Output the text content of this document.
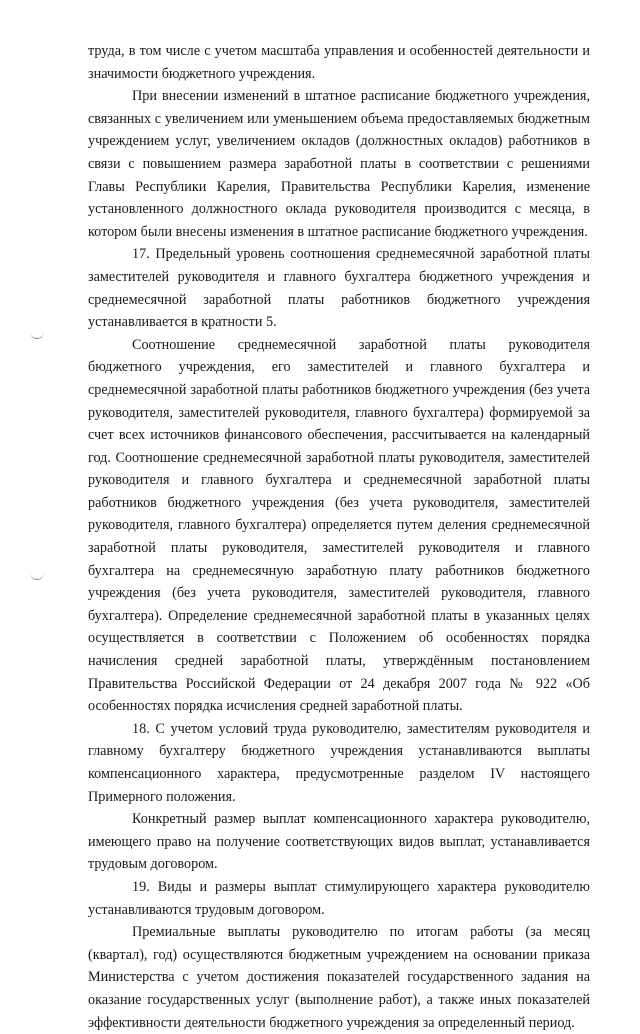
труда, в том числе с учетом масштаба управления и особенностей деятельности и значимости бюджетного учреждения.

При внесении изменений в штатное расписание бюджетного учреждения, связанных с увеличением или уменьшением объема предоставляемых бюджетным учреждением услуг, увеличением окладов (должностных окладов) работников в связи с повышением размера заработной платы в соответствии с решениями Главы Республики Карелия, Правительства Республики Карелия, изменение установленного должностного оклада руководителя производится с месяца, в котором были внесены изменения в штатное расписание бюджетного учреждения.

17. Предельный уровень соотношения среднемесячной заработной платы заместителей руководителя и главного бухгалтера бюджетного учреждения и среднемесячной заработной платы работников бюджетного учреждения устанавливается в кратности 5.

Соотношение среднемесячной заработной платы руководителя бюджетного учреждения, его заместителей и главного бухгалтера и среднемесячной заработной платы работников бюджетного учреждения (без учета руководителя, заместителей руководителя, главного бухгалтера) формируемой за счет всех источников финансового обеспечения, рассчитывается на календарный год. Соотношение среднемесячной заработной платы руководителя, заместителей руководителя и главного бухгалтера и среднемесячной заработной платы работников бюджетного учреждения (без учета руководителя, заместителей руководителя, главного бухгалтера) определяется путем деления среднемесячной заработной платы руководителя, заместителей руководителя и главного бухгалтера на среднемесячную заработную плату работников бюджетного учреждения (без учета руководителя, заместителей руководителя, главного бухгалтера). Определение среднемесячной заработной платы в указанных целях осуществляется в соответствии с Положением об особенностях порядка начисления средней заработной платы, утверждённым постановлением Правительства Российской Федерации от 24 декабря 2007 года № 922 «Об особенностях порядка исчисления средней заработной платы.

18. С учетом условий труда руководителю, заместителям руководителя и главному бухгалтеру бюджетного учреждения устанавливаются выплаты компенсационного характера, предусмотренные разделом IV настоящего Примерного положения.

Конкретный размер выплат компенсационного характера руководителю, имеющего право на получение соответствующих видов выплат, устанавливается трудовым договором.

19. Виды и размеры выплат стимулирующего характера руководителю устанавливаются трудовым договором.

Премиальные выплаты руководителю по итогам работы (за месяц (квартал), год) осуществляются бюджетным учреждением на основании приказа Министерства с учетом достижения показателей государственного задания на оказание государственных услуг (выполнение работ), а также иных показателей эффективности деятельности бюджетного учреждения за определенный период.
